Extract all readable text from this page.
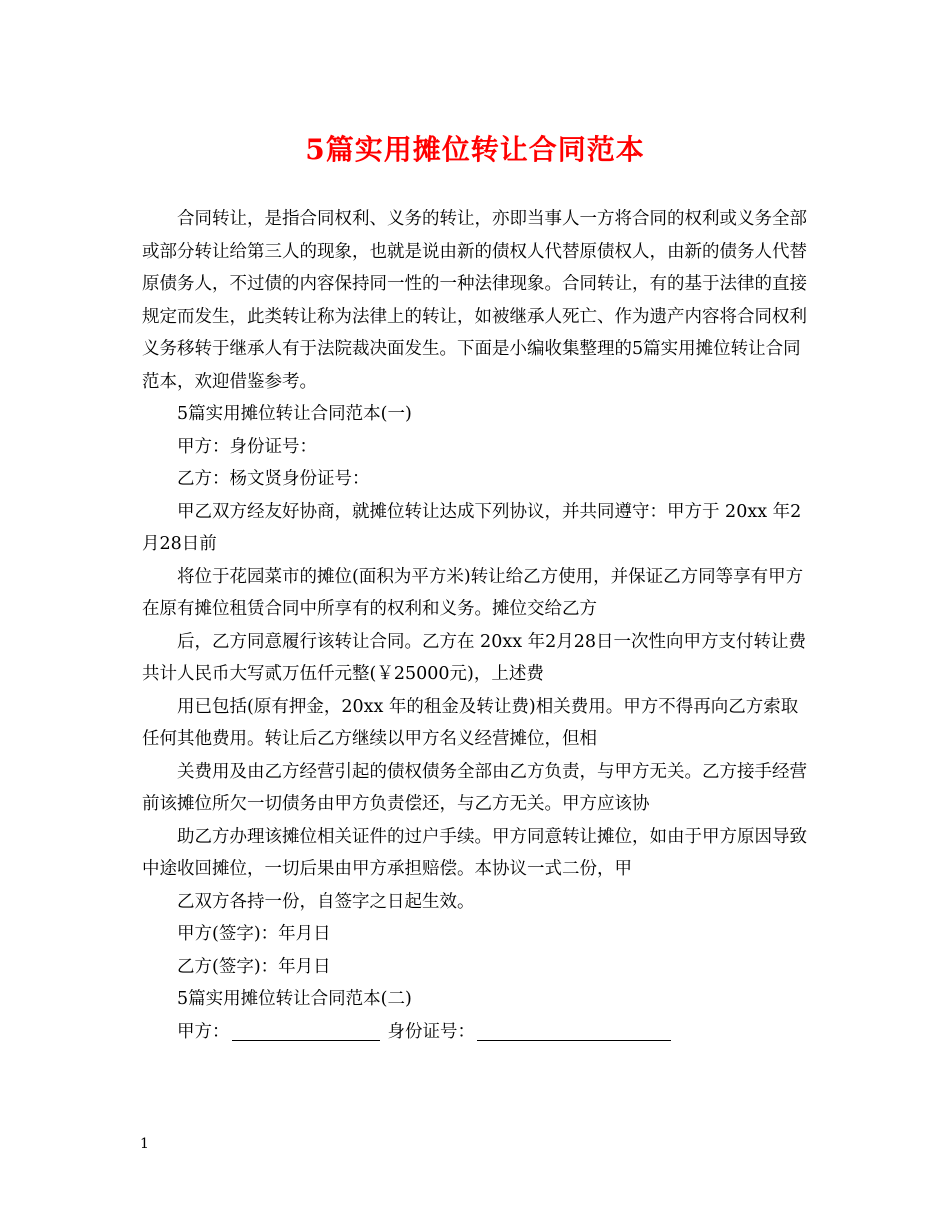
5篇实用摊位转让合同范本

合同转让，是指合同权利、义务的转让，亦即当事人一方将合同的权利或义务全部或部分转让给第三人的现象，也就是说由新的债权人代替原债权人，由新的债务人代替原债务人，不过债的内容保持同一性的一种法律现象。合同转让，有的基于法律的直接规定而发生，此类转让称为法律上的转让，如被继承人死亡、作为遗产内容将合同权利义务移转于继承人有于法院裁决面发生。下面是小编收集整理的5篇实用摊位转让合同范本，欢迎借鉴参考。

5篇实用摊位转让合同范本(一)

甲方：身份证号：

乙方：杨文贤身份证号：

甲乙双方经友好协商，就摊位转让达成下列协议，并共同遵守：甲方于 20xx 年2月28日前

将位于花园菜市的摊位(面积为平方米)转让给乙方使用，并保证乙方同等享有甲方在原有摊位租赁合同中所享有的权利和义务。摊位交给乙方

后，乙方同意履行该转让合同。乙方在 20xx 年2月28日一次性向甲方支付转让费共计人民币大写贰万伍仟元整(￥25000元)，上述费

用已包括(原有押金，20xx 年的租金及转让费)相关费用。甲方不得再向乙方索取任何其他费用。转让后乙方继续以甲方名义经营摊位，但相

关费用及由乙方经营引起的债权债务全部由乙方负责，与甲方无关。乙方接手经营前该摊位所欠一切债务由甲方负责偿还，与乙方无关。甲方应该协

助乙方办理该摊位相关证件的过户手续。甲方同意转让摊位，如由于甲方原因导致中途收回摊位，一切后果由甲方承担赔偿。本协议一式二份，甲

乙双方各持一份，自签字之日起生效。

甲方(签字)：年月日

乙方(签字)：年月日

5篇实用摊位转让合同范本(二)

甲方：	身份证号：

1
